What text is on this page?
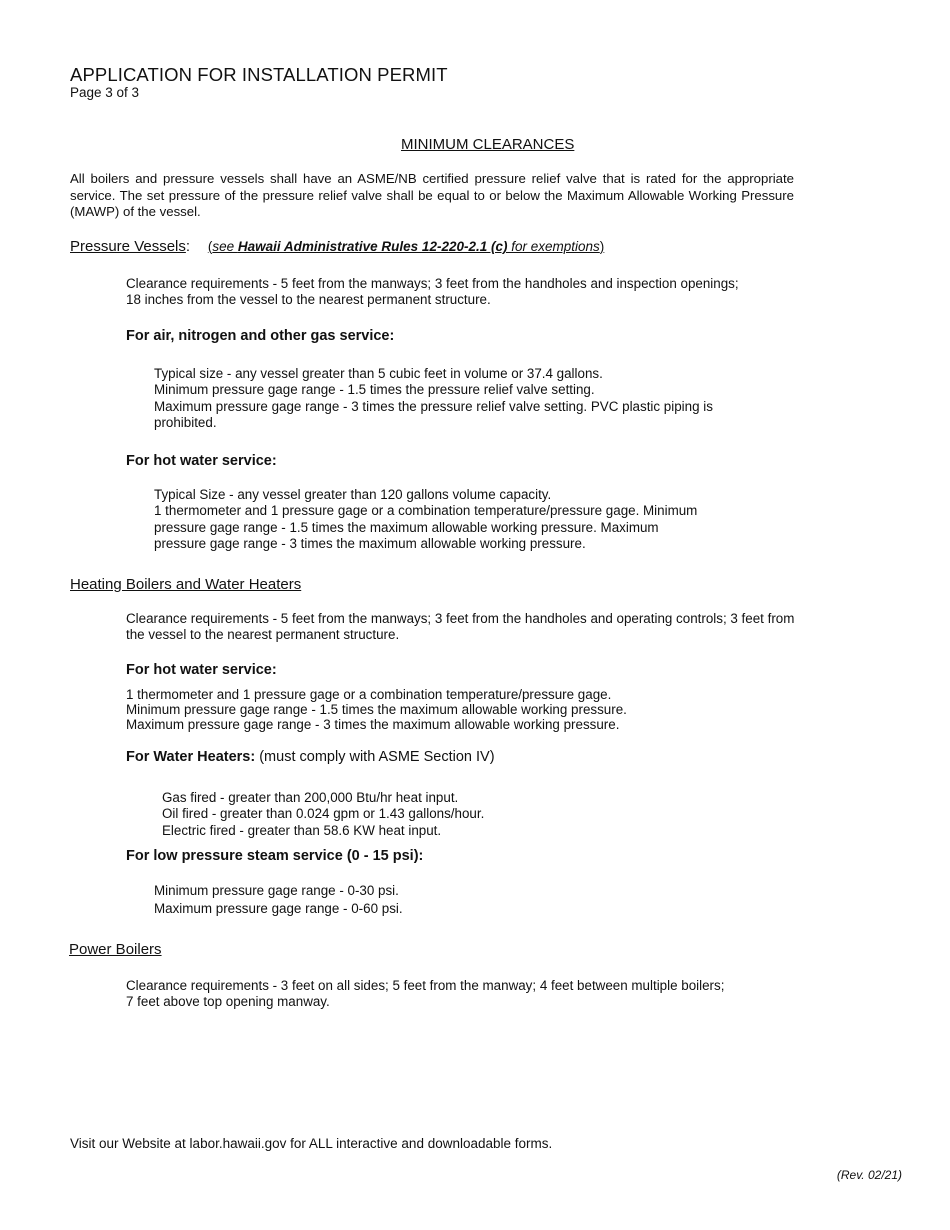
APPLICATION FOR INSTALLATION PERMIT
Page 3 of 3
MINIMUM CLEARANCES
All boilers and pressure vessels shall have an ASME/NB certified pressure relief valve that is rated for the appropriate service. The set pressure of the pressure relief valve shall be equal to or below the Maximum Allowable Working Pressure (MAWP) of the vessel.
Pressure Vessels: (see Hawaii Administrative Rules 12-220-2.1 (c) for exemptions)
Clearance requirements - 5 feet from the manways; 3 feet from the handholes and inspection openings;
18 inches from the vessel to the nearest permanent structure.
For air, nitrogen and other gas service:
Typical size - any vessel greater than 5 cubic feet in volume or 37.4 gallons.
Minimum pressure gage range - 1.5 times the pressure relief valve setting.
Maximum pressure gage range - 3 times the pressure relief valve setting. PVC plastic piping is
prohibited.
For hot water service:
Typical Size - any vessel greater than 120 gallons volume capacity.
1 thermometer and 1 pressure gage or a combination temperature/pressure gage. Minimum
pressure gage range - 1.5 times the maximum allowable working pressure. Maximum
pressure gage range - 3 times the maximum allowable working pressure.
Heating Boilers and Water Heaters
Clearance requirements - 5 feet from the manways; 3 feet from the handholes and operating controls; 3 feet from
the vessel to the nearest permanent structure.
For hot water service:
1 thermometer and 1 pressure gage or a combination temperature/pressure gage.
Minimum pressure gage range - 1.5 times the maximum allowable working pressure.
Maximum pressure gage range - 3 times the maximum allowable working pressure.
For Water Heaters: (must comply with ASME Section IV)
Gas fired - greater than 200,000 Btu/hr heat input.
Oil fired - greater than 0.024 gpm or 1.43 gallons/hour.
Electric fired - greater than 58.6 KW heat input.
For low pressure steam service (0 - 15 psi):
Minimum pressure gage range - 0-30 psi.
Maximum pressure gage range - 0-60 psi.
Power Boilers
Clearance requirements - 3 feet on all sides; 5 feet from the manway; 4 feet between multiple boilers;
7 feet above top opening manway.
Visit our Website at labor.hawaii.gov for ALL interactive and downloadable forms.
(Rev. 02/21)
